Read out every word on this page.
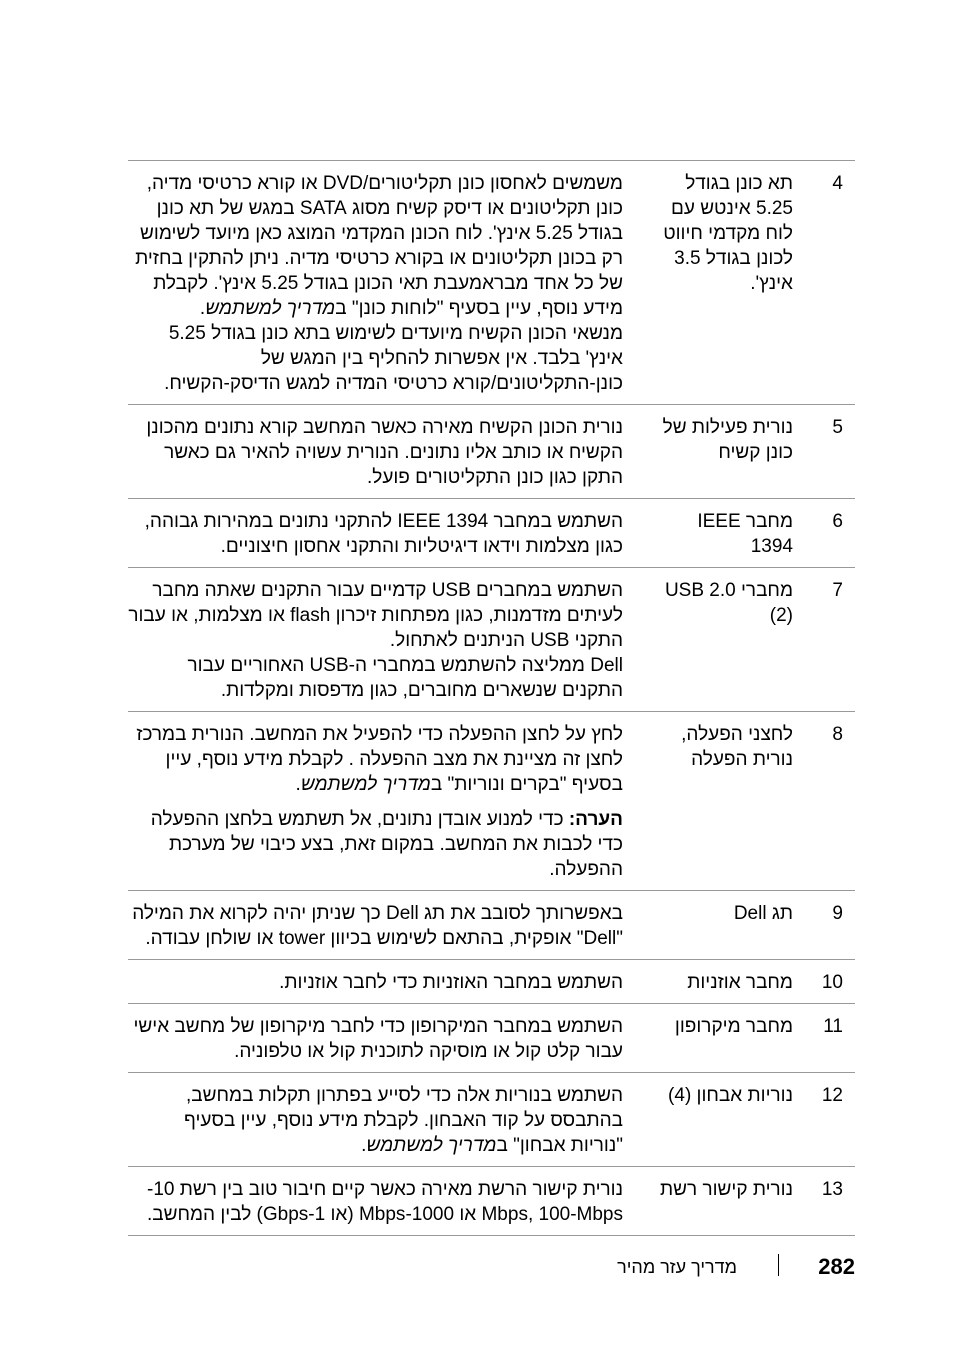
4
תא כונן בגודל 5.25 אינטש עם לוח מקדמי חיווט לכונן בגודל 3.5 אינץ'.

משמשים לאחסון כונן תקליטורים/DVD או קורא כרטיסי מדיה, כונן תקליטונים או דיסק קשיח מסוג SATA במגש של תא כונן בגודל 5.25 אינץ'. לוח הכונן המקדמי המוצג כאן מיועד לשימוש רק בכונן תקליטונים או בקורא כרטיסי מדיה. ניתן להתקין בחזית של כל אחד מבראמעבת תאי הכונן בגודל 5.25 אינץ'. לקבלת מידע נוסף, עיין בסעיף "לוחות כונן" במדריך למשתמש.

מנשאי הכונן הקשיח מיועדים לשימוש בתא כונן בגודל 5.25 אינץ' בלבד. אין אפשרות להחליף בין המגש של כונן-התקליטונים/קורא כרטיסי המדיה למגש הדיסק-הקשיח.

5
נורית פעילות של כונן קשיח

נורית הכונן הקשיח מאירה כאשר המחשב קורא נתונים מהכונן הקשיח או כותב אליו נתונים. הנורית עשויה להאיר גם כאשר התקן כגון כונן התקליטורים פועל.

6
מחבר IEEE 1394

השתמש במחבר IEEE 1394 להתקני נתונים במהירות גבוהה, כגון מצלמות וידאו דיגיטליות והתקני אחסון חיצוניים.

7
מחברי USB 2.0 (2)

השתמש במחברים USB קדמיים עבור התקנים שאתה מחבר לעיתים מזדמנות, כגון מפתחות זיכרון flash או מצלמות, או עבור התקני USB הניתנים לאתחול.

Dell ממליצה להשתמש במחברי ה-USB האחוריים עבור התקנים שנשארים מחוברים, כגון מדפסות ומקלדות.

8
לחצני הפעלה, נורית הפעלה

לחץ על לחצן ההפעלה כדי להפעיל את המחשב. הנורית במרכז לחצן זה מציינת את מצב ההפעלה . לקבלת מידע נוסף, עיין בסעיף "בקרים ונוריות" במדריך למשתמש.

הערה: כדי למנוע אובדן נתונים, אל תשתמש בלחצן ההפעלה כדי לכבות את המחשב. במקום זאת, בצע כיבוי של מערכת ההפעלה.

9
תג Dell

באפשרותך לסובב את תג Dell כך שניתן יהיה לקרוא את המילה "Dell" אופקית, בהתאם לשימוש בכיוון tower או שולחן עבודה.

10
מחבר אוזניות

השתמש במחבר האוזניות כדי לחבר אוזניות.

11
מחבר מיקרופון

השתמש במחבר המיקרופון כדי לחבר מיקרופון של מחשב אישי עבור קלט קול או מוסיקה לתוכנית קול או טלפוניה.

12
נוריות אבחון (4)

השתמש בנוריות אלה כדי לסייע בפתרון תקלות במחשב, בהתבסס על קוד האבחון. לקבלת מידע נוסף, עיין בסעיף "נוריות אבחון" במדריך למשתמש.

13
נורית קישור רשת

נורית קישור הרשת מאירה כאשר קיים חיבור טוב בין רשת 10-Mbps, 100-Mbps או 1000-Mbps (או 1-Gbps) לבין המחשב.

282
מדריך עזר מהיר
